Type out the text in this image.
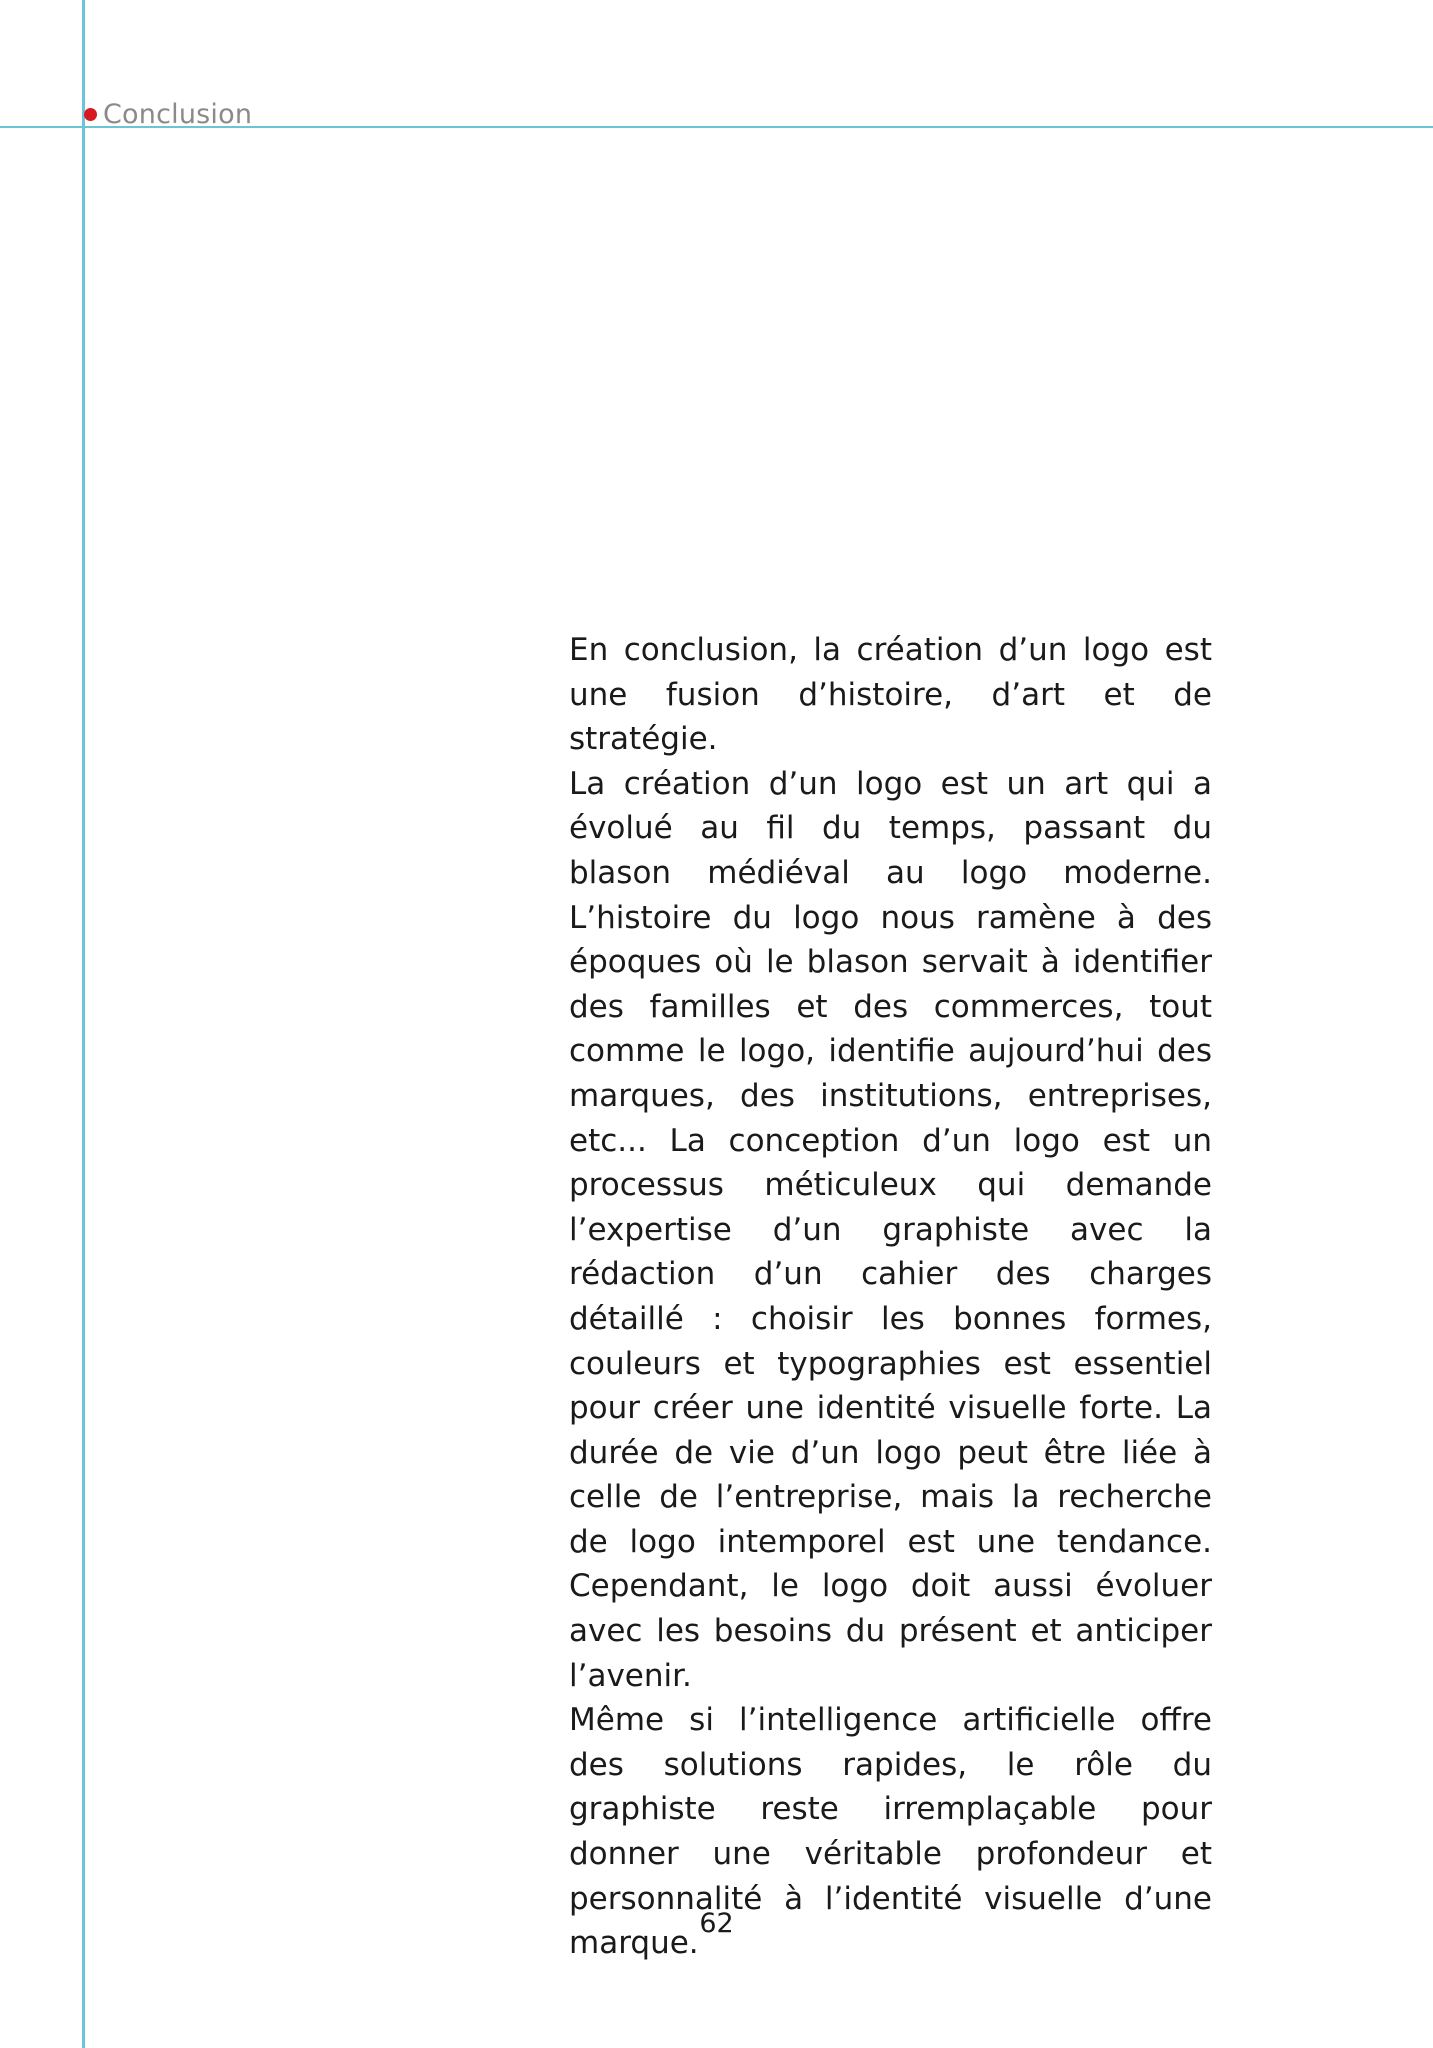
Conclusion

En conclusion, la création d’un logo est une fusion d’histoire, d’art et de stratégie.

La création d’un logo est un art qui a évolué au fil du temps, passant du blason médiéval au logo moderne. L’histoire du logo nous ramène à des époques où le blason servait à identifier des familles et des commerces, tout comme le logo, identifie aujourd’hui des marques, des institutions, entreprises, etc... La conception d’un logo est un processus méticuleux qui demande l’expertise d’un graphiste avec la rédaction d’un cahier des charges détaillé : choisir les bonnes formes, couleurs et typographies est essentiel pour créer une identité visuelle forte. La durée de vie d’un logo peut être liée à celle de l’entreprise, mais la recherche de logo intemporel est une tendance. Cependant, le logo doit aussi évoluer avec les besoins du présent et anticiper l’avenir.

Même si l’intelligence artificielle offre des solutions rapides, le rôle du graphiste reste irremplaçable pour donner une véritable profondeur et personnalité à l’identité visuelle d’une marque.

62
